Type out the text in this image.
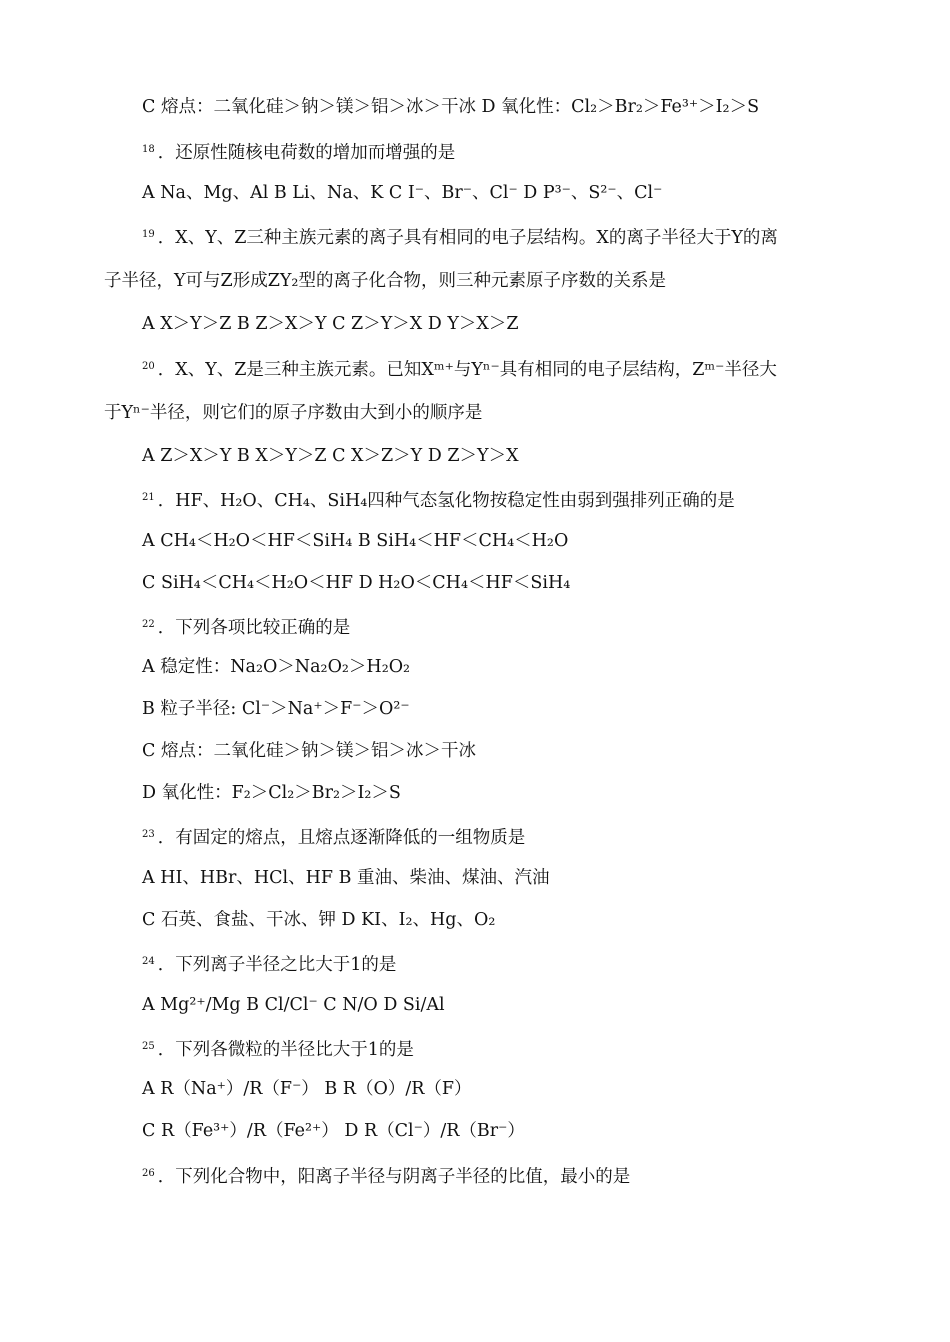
C 熔点：二氧化硅＞钠＞镁＞铝＞冰＞干冰 D 氧化性：Cl₂＞Br₂＞Fe³⁺＞I₂＞S
$^{18}$ ．还原性随核电荷数的增加而增强的是
A Na、Mg、Al B Li、Na、K C I⁻、Br⁻、Cl⁻ D P³⁻、S²⁻、Cl⁻
$^{19}$ ．X、Y、Z三种主族元素的离子具有相同的电子层结构。X的离子半径大于Y的离
子半径，Y可与Z形成ZY₂型的离子化合物，则三种元素原子序数的关系是
A X＞Y＞Z B Z＞X＞Y C Z＞Y＞X D Y＞X＞Z
$^{20}$ ．X、Y、Z是三种主族元素。已知Xᵐ⁺与Yⁿ⁻具有相同的电子层结构，Zᵐ⁻半径大
于Yⁿ⁻半径，则它们的原子序数由大到小的顺序是
A Z＞X＞Y B X＞Y＞Z C X＞Z＞Y D Z＞Y＞X
$^{21}$ ．HF、H₂O、CH₄、SiH₄四种气态氢化物按稳定性由弱到强排列正确的是
A CH₄＜H₂O＜HF＜SiH₄ B SiH₄＜HF＜CH₄＜H₂O
C SiH₄＜CH₄＜H₂O＜HF D H₂O＜CH₄＜HF＜SiH₄
$^{22}$ ．下列各项比较正确的是
A 稳定性：Na₂O＞Na₂O₂＞H₂O₂
B 粒子半径: Cl⁻＞Na⁺＞F⁻＞O²⁻
C 熔点：二氧化硅＞钠＞镁＞铝＞冰＞干冰
D 氧化性：F₂＞Cl₂＞Br₂＞I₂＞S
$^{23}$ ．有固定的熔点，且熔点逐渐降低的一组物质是
A HI、HBr、HCl、HF B 重油、柴油、煤油、汽油
C 石英、食盐、干冰、钾 D KI、I₂、Hg、O₂
$^{24}$ ．下列离子半径之比大于1的是
A Mg²⁺/Mg B Cl/Cl⁻ C N/O D Si/Al
$^{25}$ ．下列各微粒的半径比大于1的是
A R（Na⁺）/R（F⁻） B R（O）/R（F）
C R（Fe³⁺）/R（Fe²⁺） D R（Cl⁻）/R（Br⁻）
$^{26}$ ．下列化合物中，阳离子半径与阴离子半径的比值，最小的是
